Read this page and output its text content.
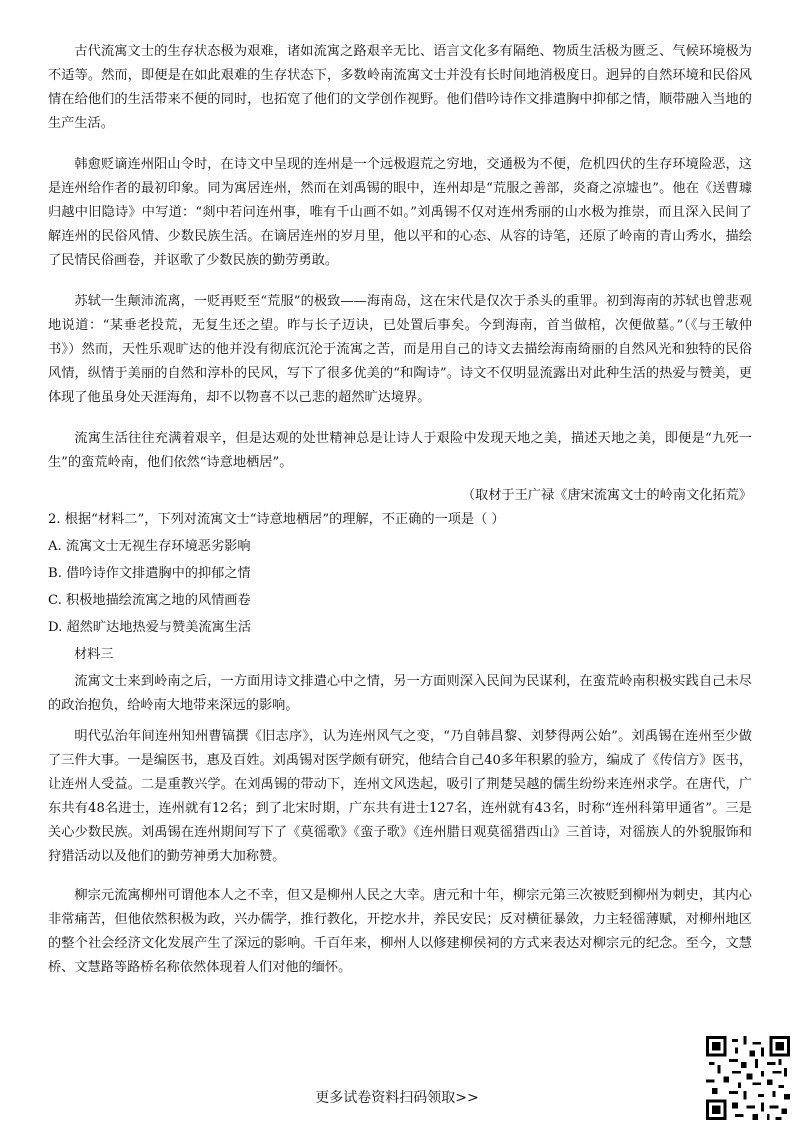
古代流寓文士的生存状态极为艰难，诸如流寓之路艰辛无比、语言文化多有隔绝、物质生活极为匮乏、气候环境极为不适等。然而，即便是在如此艰难的生存状态下，多数岭南流寓文士并没有长时间地消极度日。迥异的自然环境和民俗风情在给他们的生活带来不便的同时，也拓宽了他们的文学创作视野。他们借吟诗作文排遣胸中抑郁之情，顺带融入当地的生产生活。

韩愈贬谪连州阳山令时，在诗文中呈现的连州是一个远极遐荒之穷地，交通极为不便，危机四伏的生存环境险恶，这是连州给作者的最初印象。同为寓居连州，然而在刘禹锡的眼中，连州却是“荒服之善部，炎裔之凉墟也”。他在《送曹璩归越中旧隐诗》中写道：“剡中若问连州事，唯有千山画不如。”刘禹锡不仅对连州秀丽的山水极为推崇，而且深入民间了解连州的民俗风情、少数民族生活。在谪居连州的岁月里，他以平和的心态、从容的诗笔，还原了岭南的青山秀水，描绘了民情民俗画卷，并讴歌了少数民族的勤劳勇敢。

苏轼一生颠沛流离，一贬再贬至“荒服”的极致——海南岛，这在宋代是仅次于杀头的重罪。初到海南的苏轼也曾悲观地说道：“某垂老投荒，无复生还之望。昨与长子迈诀，已处置后事矣。今到海南，首当做棺，次便做墓。”（《与王敏仲书》）然而，天性乐观旷达的他并没有彻底沉沦于流寓之苦，而是用自己的诗文去描绘海南绮丽的自然风光和独特的民俗风情，纵情于美丽的自然和淳朴的民风，写下了很多优美的“和陶诗”。诗文不仅明显流露出对此种生活的热爱与赞美，更体现了他虽身处天涯海角，却不以物喜不以己悲的超然旷达境界。

流寓生活往往充满着艰辛，但是达观的处世精神总是让诗人于艰险中发现天地之美，描述天地之美，即便是“九死一生”的蛮荒岭南，他们依然“诗意地栖居”。

（取材于王广禄《唐宋流寓文士的岭南文化拓荒》
2. 根据“材料二”，下列对流寓文士“诗意地栖居”的理解，不正确的一项是（ ）
A. 流寓文士无视生存环境恶劣影响
B. 借吟诗作文排遣胸中的抑郁之情
C. 积极地描绘流寓之地的风情画卷
D. 超然旷达地热爱与赞美流寓生活
材料三

流寓文士来到岭南之后，一方面用诗文排遣心中之情，另一方面则深入民间为民谋利，在蛮荒岭南积极实践自己未尽的政治抱负，给岭南大地带来深远的影响。

明代弘治年间连州知州曹镐撰《旧志序》，认为连州风气之变，“乃自韩昌黎、刘梦得两公始”。刘禹锡在连州至少做了三件大事。一是编医书，惠及百姓。刘禹锡对医学颇有研究，他结合自己40多年积累的验方，编成了《传信方》医书，让连州人受益。二是重教兴学。在刘禹锡的带动下，连州文风迭起，吸引了荆楚吴越的儒生纷纷来连州求学。在唐代，广东共有48名进士，连州就有12名；到了北宋时期，广东共有进士127名，连州就有43名，时称“连州科第甲通省”。三是关心少数民族。刘禹锡在连州期间写下了《莫徭歌》《蛮子歌》《连州腊日观莫徭猎西山》三首诗，对徭族人的外貌服饰和狩猎活动以及他们的勤劳神勇大加称赞。

柳宗元流寓柳州可谓他本人之不幸，但又是柳州人民之大幸。唐元和十年，柳宗元第三次被贬到柳州为刺史，其内心非常痛苦，但他依然积极为政，兴办儒学，推行教化，开挖水井，养民安民；反对横征暴敛，力主轻徭薄赋，对柳州地区的整个社会经济文化发展产生了深远的影响。千百年来，柳州人以修建柳侯祠的方式来表达对柳宗元的纪念。至今，文慧桥、文慧路等路桥名称依然体现着人们对他的缅怀。

更多试卷资料扫码领取>>
